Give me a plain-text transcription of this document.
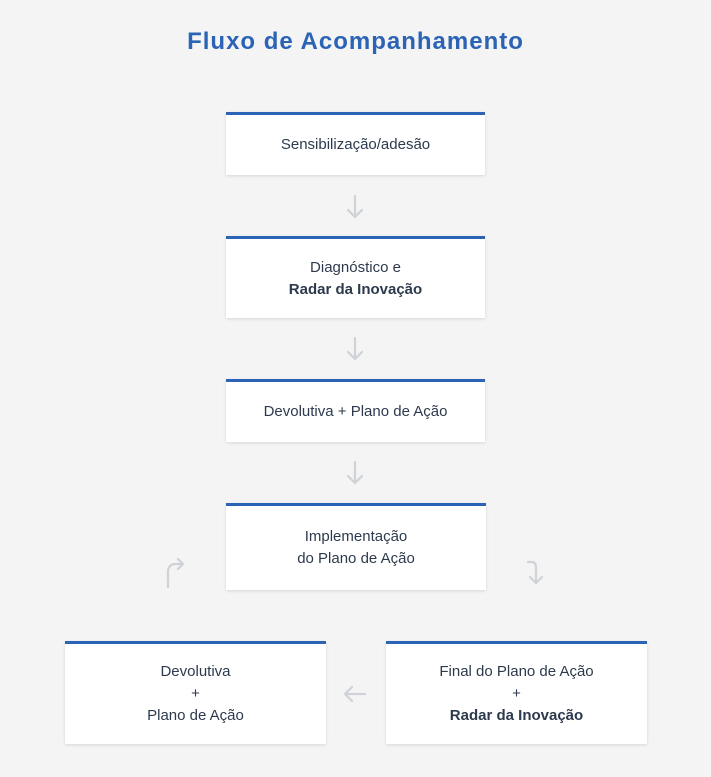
Fluxo de Acompanhamento
Sensibilização/adesão
Diagnóstico e
Radar da Inovação
Devolutiva + Plano de Ação
Implementação
do Plano de Ação
Devolutiva
+
Plano de Ação
Final do Plano de Ação
+
Radar da Inovação
